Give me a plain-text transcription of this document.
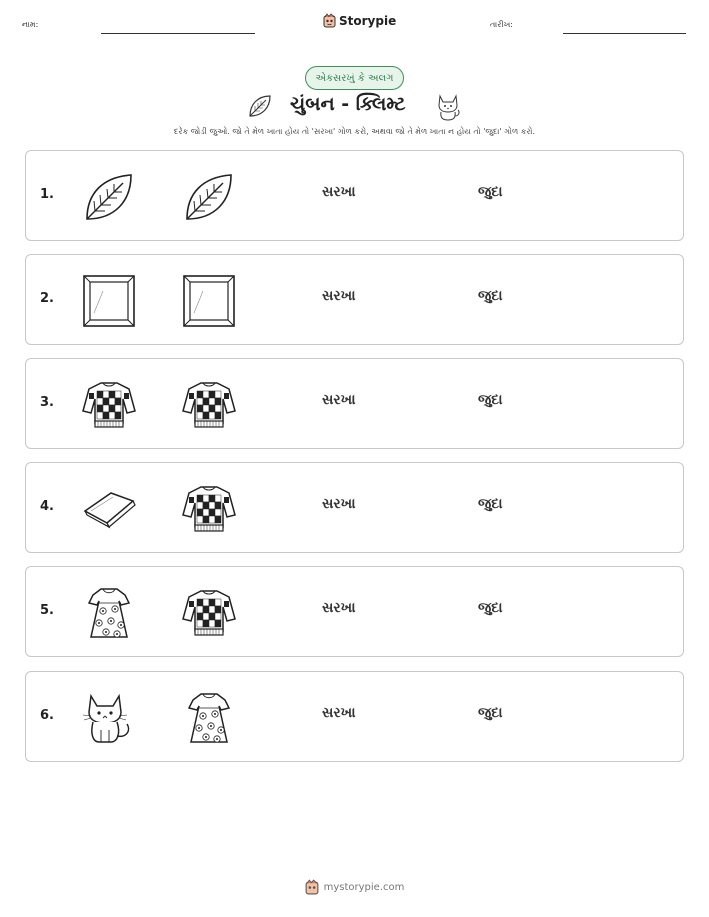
નામ:	Storypie	તારીખ:
એકસરખું કે અલગ
ચુંબન - ક્લિમ્ટ
દરેક જોડી જુઓ. જો તે મેળ ખાતા હોય તો 'સરખા' ગોળ કરો, અથવા જો તે મેળ ખાતા ન હોય તો 'જુદા' ગોળ કરો.
1.	સરખા	જુદા
2.	સરખા	જુદા
3.	સરખા	જુદા
4.	સરખા	જુદા
5.	સરખા	જુદા
6.	સરખા	જુદા
mystorypie.com
